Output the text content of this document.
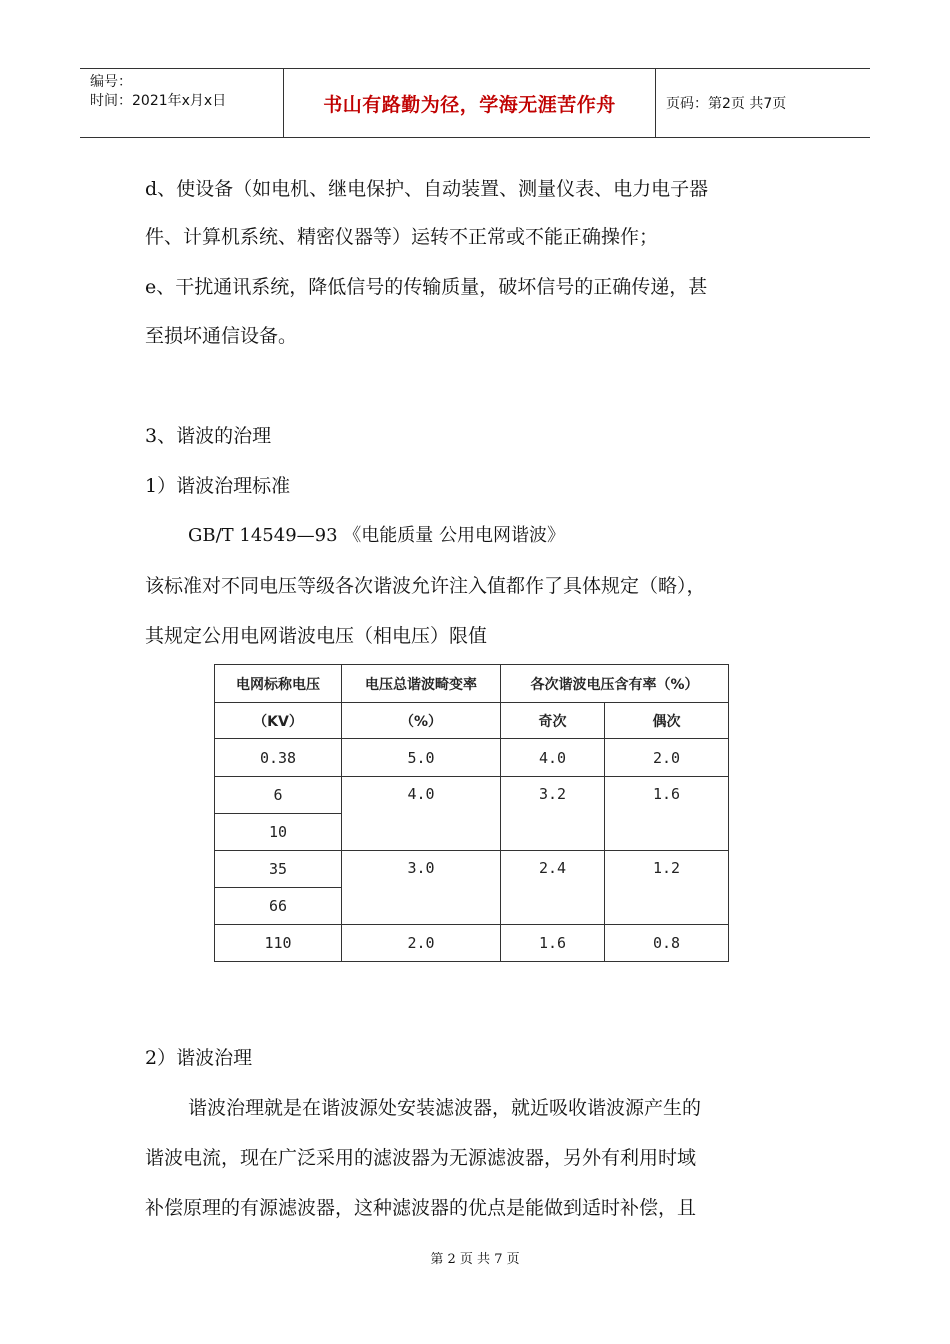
编号：
时间：2021年x月x日	书山有路勤为径，学海无涯苦作舟	页码：第2页 共7页
d、使设备（如电机、继电保护、自动装置、测量仪表、电力电子器
件、计算机系统、精密仪器等）运转不正常或不能正确操作；
e、干扰通讯系统，降低信号的传输质量，破坏信号的正确传递，甚
至损坏通信设备。
3、谐波的治理
1）谐波治理标准
GB/T 14549—93 《电能质量 公用电网谐波》
该标准对不同电压等级各次谐波允许注入值都作了具体规定（略），
其规定公用电网谐波电压（相电压）限值
电网标称电压	电压总谐波畸变率	各次谐波电压含有率（%）	
（KV）	（%）	奇次	偶次
0.38	5.0	4.0	2.0
6	4.0	3.2	1.6
10			
35	3.0	2.4	1.2
66			
110	2.0	1.6	0.8
2）谐波治理
谐波治理就是在谐波源处安装滤波器，就近吸收谐波源产生的
谐波电流，现在广泛采用的滤波器为无源滤波器，另外有利用时域
补偿原理的有源滤波器，这种滤波器的优点是能做到适时补偿，且
第 2 页 共 7 页
